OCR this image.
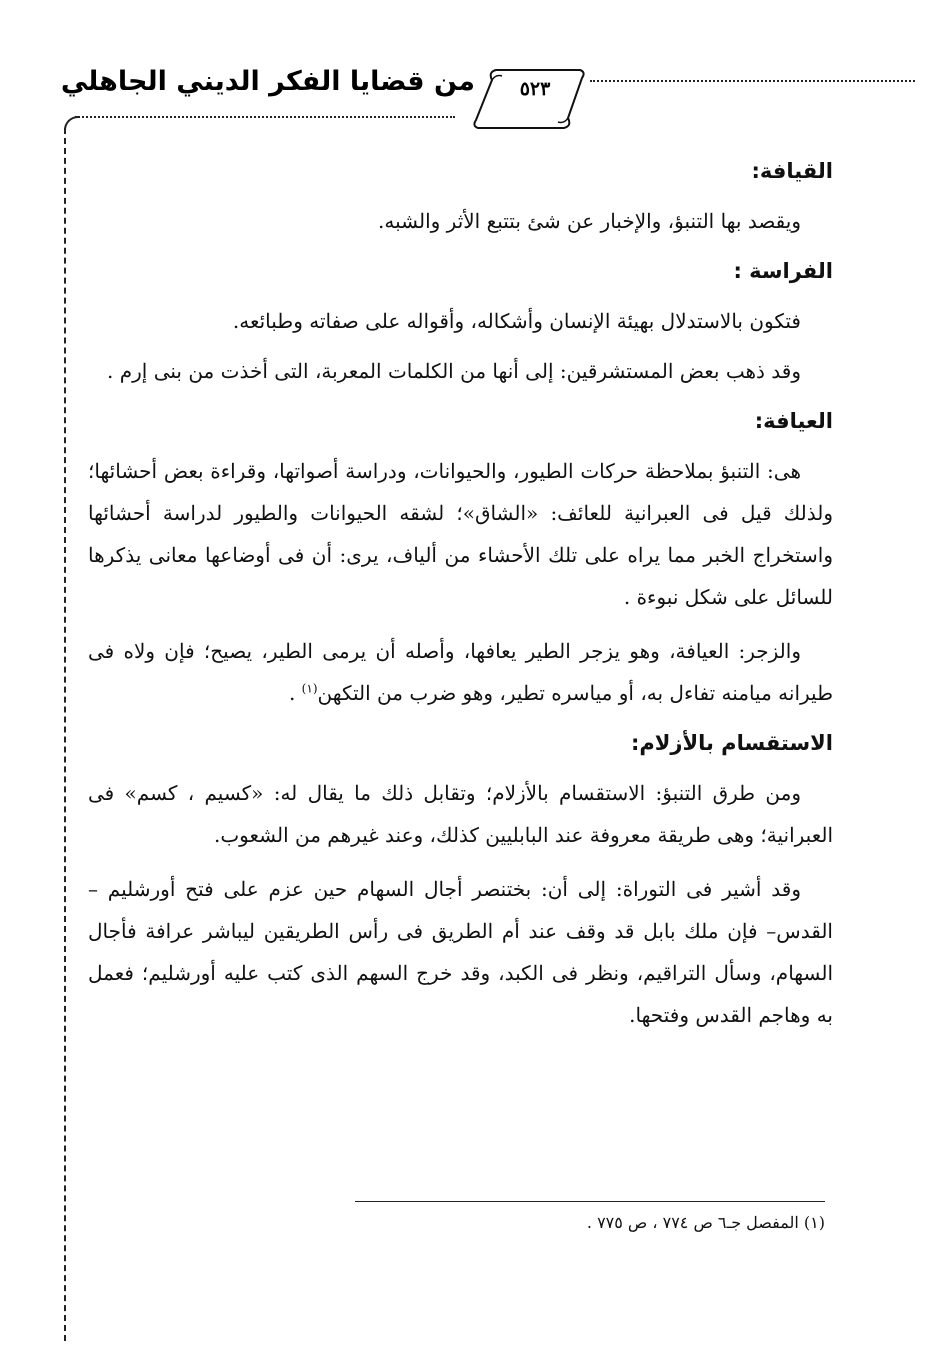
من قضايا الفكر الديني الجاهلي	٥٢٣
القيافة:

ويقصد بها التنبؤ، والإخبار عن شئ بتتبع الأثر والشبه.

الفراسة :

فتكون بالاستدلال بهيئة الإنسان وأشكاله، وأقواله على صفاته وطبائعه.

وقد ذهب بعض المستشرقين: إلى أنها من الكلمات المعربة، التى أخذت من بنى إرم .

العيافة:

هى: التنبؤ بملاحظة حركات الطيور، والحيوانات، ودراسة أصواتها، وقراءة بعض أحشائها؛ ولذلك قيل فى العبرانية للعائف: «الشاق»؛ لشقه الحيوانات والطيور لدراسة أحشائها واستخراج الخبر مما يراه على تلك الأحشاء من ألياف، يرى: أن فى أوضاعها معانى يذكرها للسائل على شكل نبوءة .

والزجر: العيافة، وهو يزجر الطير يعافها، وأصله أن يرمى الطير، يصيح؛ فإن ولاه فى طيرانه ميامنه تفاءل به، أو مياسره تطير، وهو ضرب من التكهن$^{(١)}$ .

الاستقسام بالأزلام:

ومن طرق التنبؤ: الاستقسام بالأزلام؛ وتقابل ذلك ما يقال له: «كسيم ، كسم» فى العبرانية؛ وهى طريقة معروفة عند البابليين كذلك، وعند غيرهم من الشعوب.

وقد أشير فى التوراة: إلى أن: بختنصر أجال السهام حين عزم على فتح أورشليم – القدس– فإن ملك بابل قد وقف عند أم الطريق فى رأس الطريقين ليباشر عرافة فأجال السهام، وسأل التراقيم، ونظر فى الكبد، وقد خرج السهم الذى كتب عليه أورشليم؛ فعمل به وهاجم القدس وفتحها.

(١) المفصل جـ٦ ص ٧٧٤ ، ص ٧٧٥ .
